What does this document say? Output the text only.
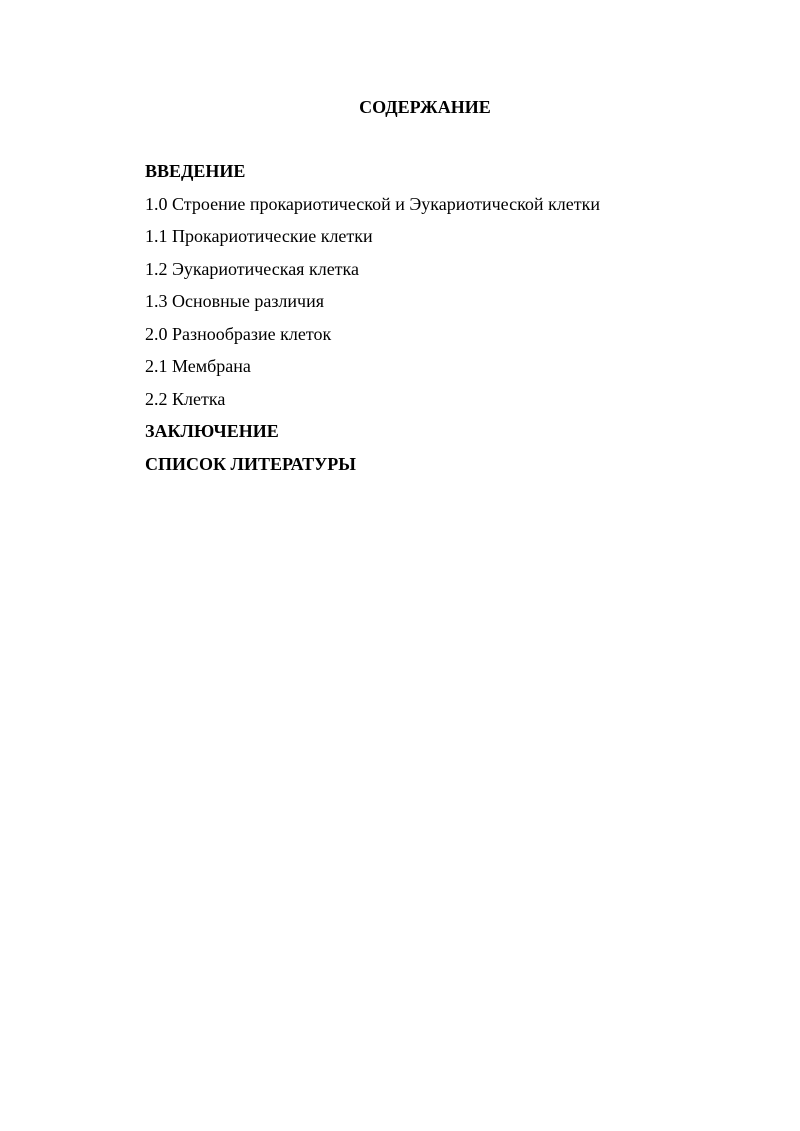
СОДЕРЖАНИЕ
ВВЕДЕНИЕ
1.0 Строение прокариотической и Эукариотической клетки
1.1 Прокариотические клетки
1.2 Эукариотическая клетка
1.3 Основные различия
2.0 Разнообразие клеток
2.1 Мембрана
2.2 Клетка
ЗАКЛЮЧЕНИЕ
СПИСОК ЛИТЕРАТУРЫ
